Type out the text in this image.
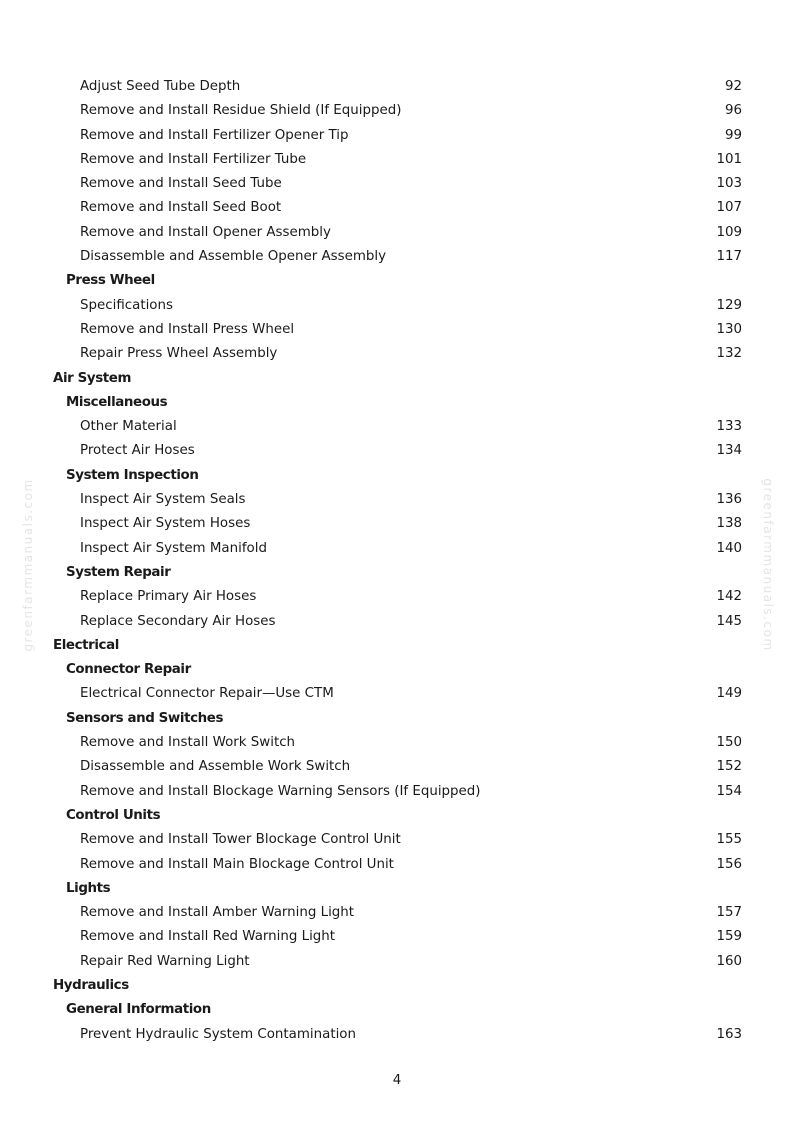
greenfarmmanuals.com	greenfarmmanuals.com
Adjust Seed Tube Depth	92
Remove and Install Residue Shield (If Equipped)	96
Remove and Install Fertilizer Opener Tip	99
Remove and Install Fertilizer Tube	101
Remove and Install Seed Tube	103
Remove and Install Seed Boot	107
Remove and Install Opener Assembly	109
Disassemble and Assemble Opener Assembly	117
Press Wheel
Specifications	129
Remove and Install Press Wheel	130
Repair Press Wheel Assembly	132
Air System
Miscellaneous
Other Material	133
Protect Air Hoses	134
System Inspection
Inspect Air System Seals	136
Inspect Air System Hoses	138
Inspect Air System Manifold	140
System Repair
Replace Primary Air Hoses	142
Replace Secondary Air Hoses	145
Electrical
Connector Repair
Electrical Connector Repair—Use CTM	149
Sensors and Switches
Remove and Install Work Switch	150
Disassemble and Assemble Work Switch	152
Remove and Install Blockage Warning Sensors (If Equipped)	154
Control Units
Remove and Install Tower Blockage Control Unit	155
Remove and Install Main Blockage Control Unit	156
Lights
Remove and Install Amber Warning Light	157
Remove and Install Red Warning Light	159
Repair Red Warning Light	160
Hydraulics
General Information
Prevent Hydraulic System Contamination	163
4
